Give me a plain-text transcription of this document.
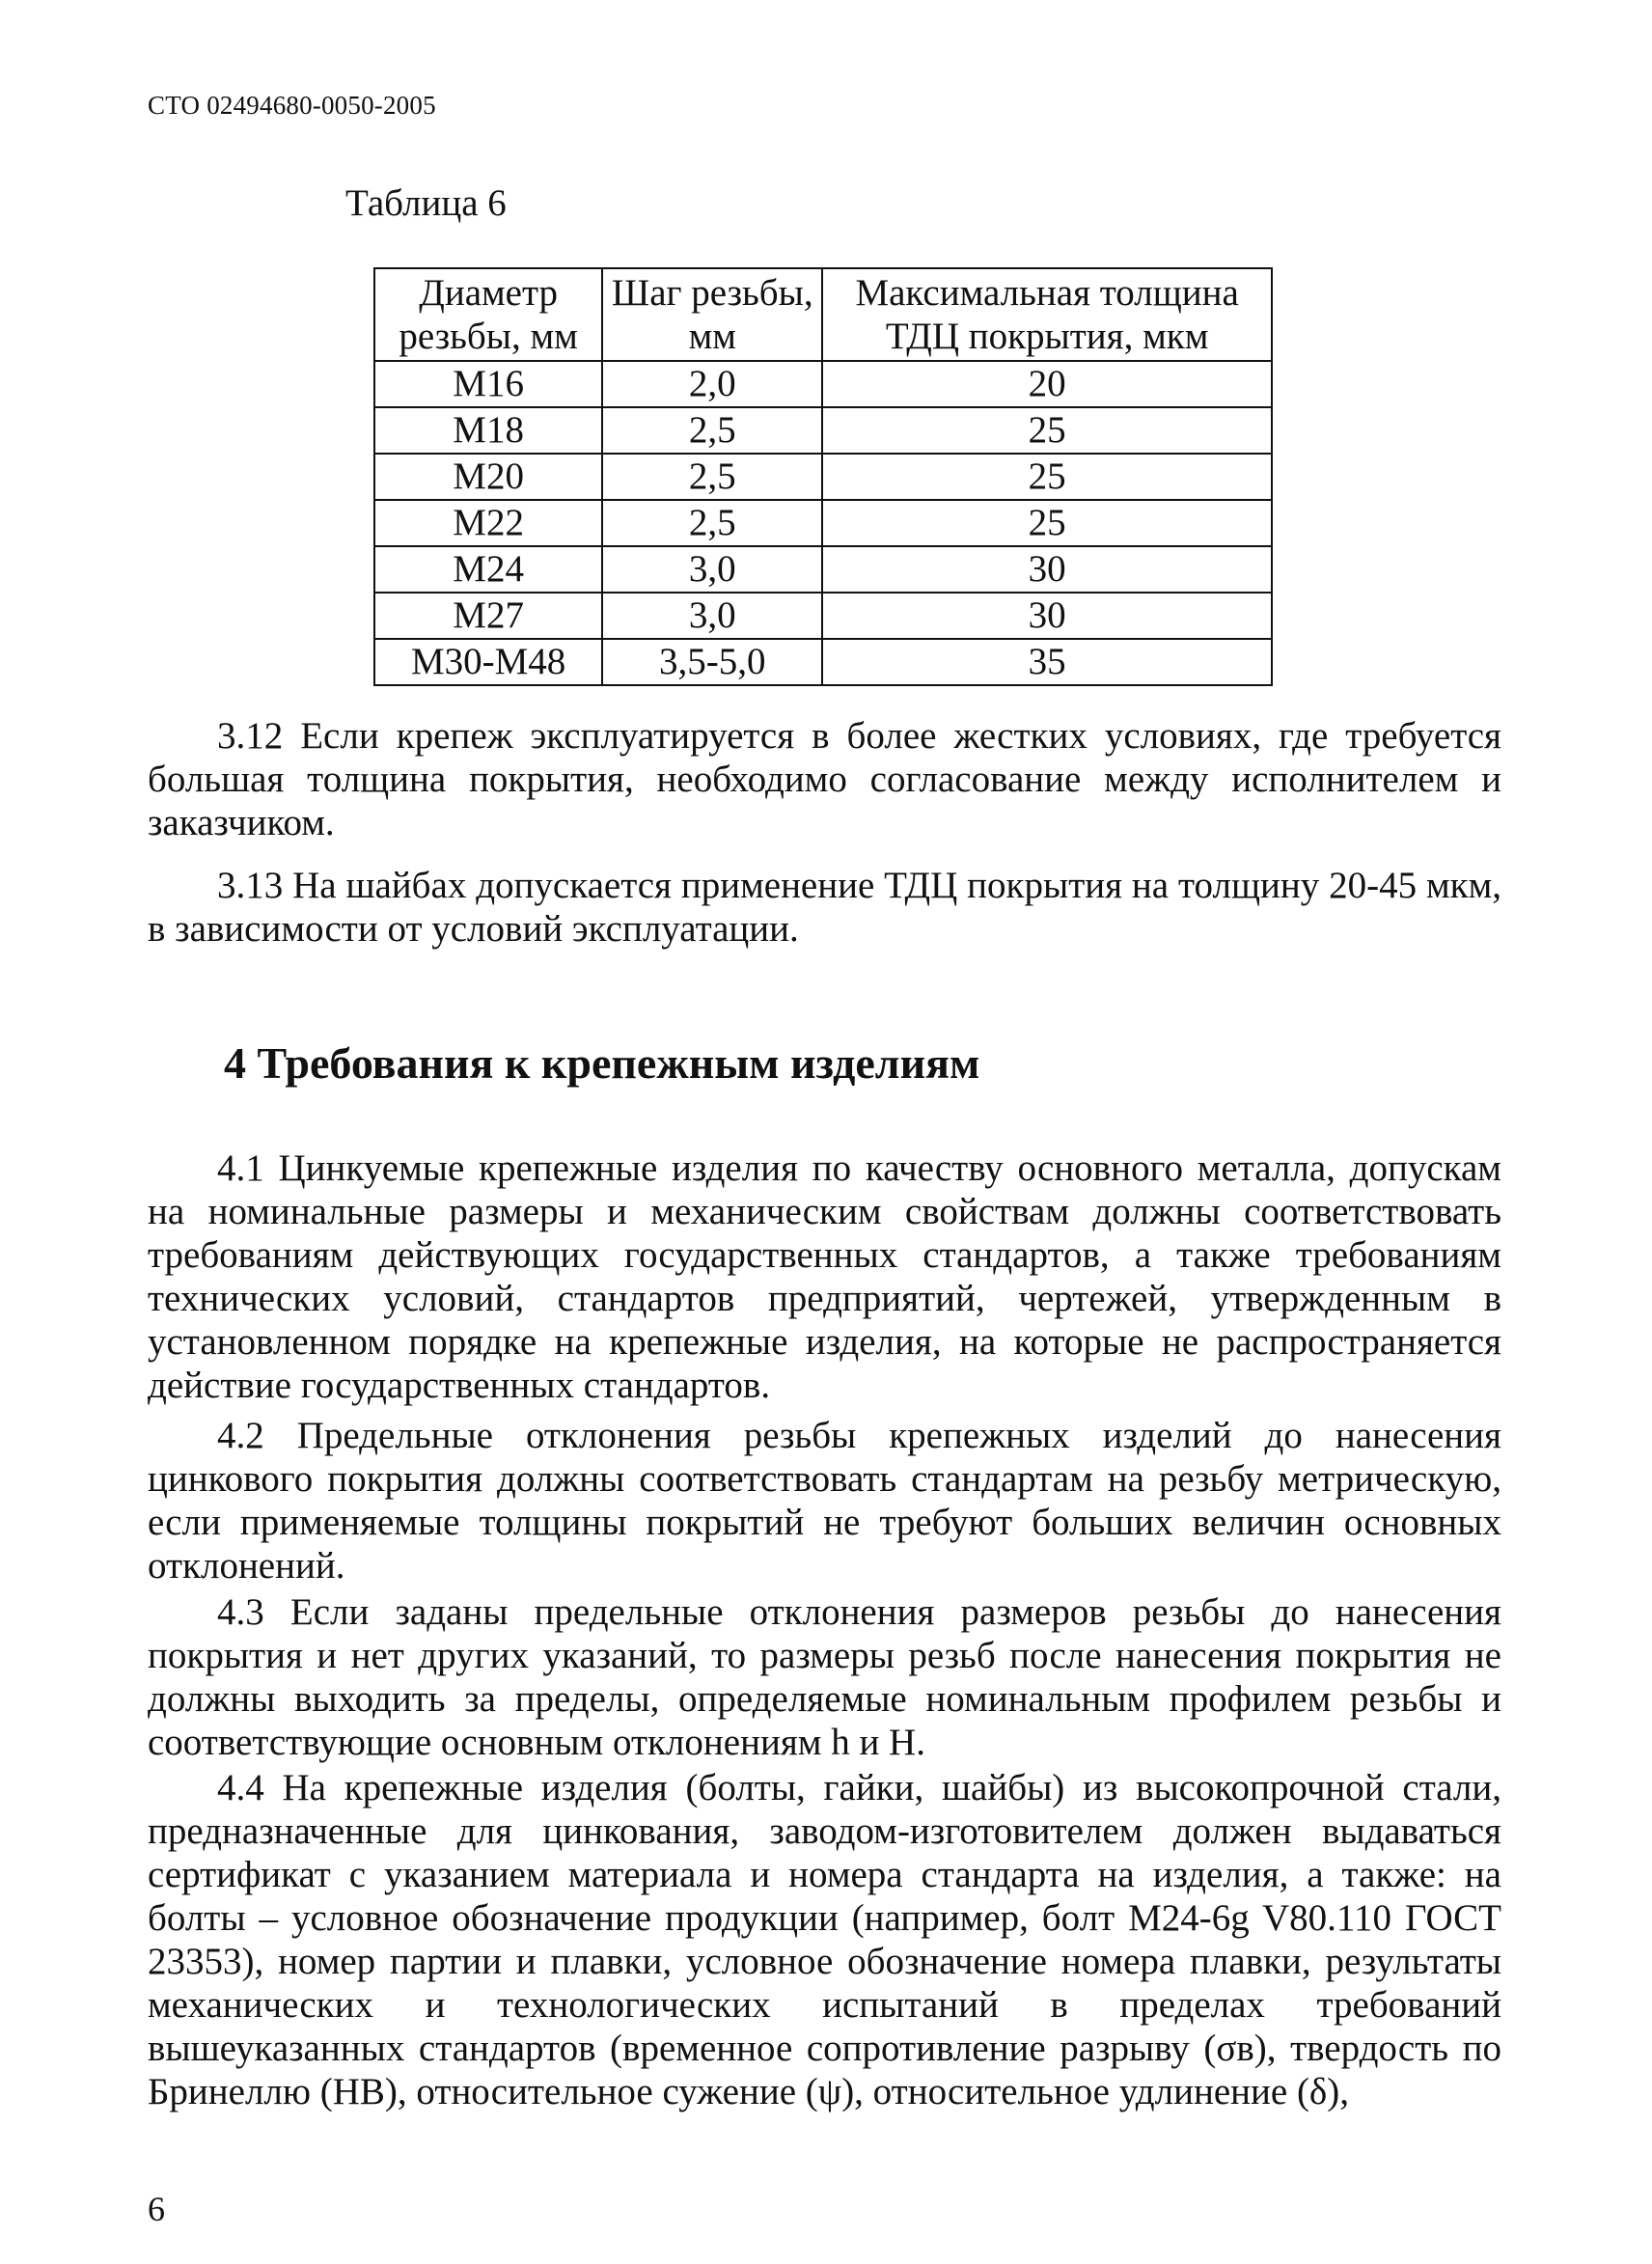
СТО 02494680-0050-2005
Таблица 6
Диаметр резьбы, мм	Шаг резьбы, мм	Максимальная толщина ТДЦ покрытия, мкм
М16	2,0	20
М18	2,5	25
М20	2,5	25
М22	2,5	25
М24	3,0	30
М27	3,0	30
М30-М48	3,5-5,0	35

3.12 Если крепеж эксплуатируется в более жестких условиях, где требуется большая толщина покрытия, необходимо согласование между исполнителем и заказчиком.

3.13 На шайбах допускается применение ТДЦ покрытия на толщину 20-45 мкм, в зависимости от условий эксплуатации.

4 Требования к крепежным изделиям

4.1 Цинкуемые крепежные изделия по качеству основного металла, допускам на номинальные размеры и механическим свойствам должны соответствовать требованиям действующих государственных стандартов, а также требованиям технических условий, стандартов предприятий, чертежей, утвержденным в установленном порядке на крепежные изделия, на которые не распространяется действие государственных стандартов.

4.2 Предельные отклонения резьбы крепежных изделий до нанесения цинкового покрытия должны соответствовать стандартам на резьбу метрическую, если применяемые толщины покрытий не требуют больших величин основных отклонений.

4.3 Если заданы предельные отклонения размеров резьбы до нанесения покрытия и нет других указаний, то размеры резьб после нанесения покрытия не должны выходить за пределы, определяемые номинальным профилем резьбы и соответствующие основным отклонениям h и H.

4.4 На крепежные изделия (болты, гайки, шайбы) из высокопрочной стали, предназначенные для цинкования, заводом-изготовителем должен выдаваться сертификат с указанием материала и номера стандарта на изделия, а также: на болты – условное обозначение продукции (например, болт М24-6g V80.110 ГОСТ 23353), номер партии и плавки, условное обозначение номера плавки, результаты механических и технологических испытаний в пределах требований вышеуказанных стандартов (временное сопротивление разрыву (σв), твердость по Бринеллю (НВ), относительное сужение (ψ), относительное удлинение (δ),

6
